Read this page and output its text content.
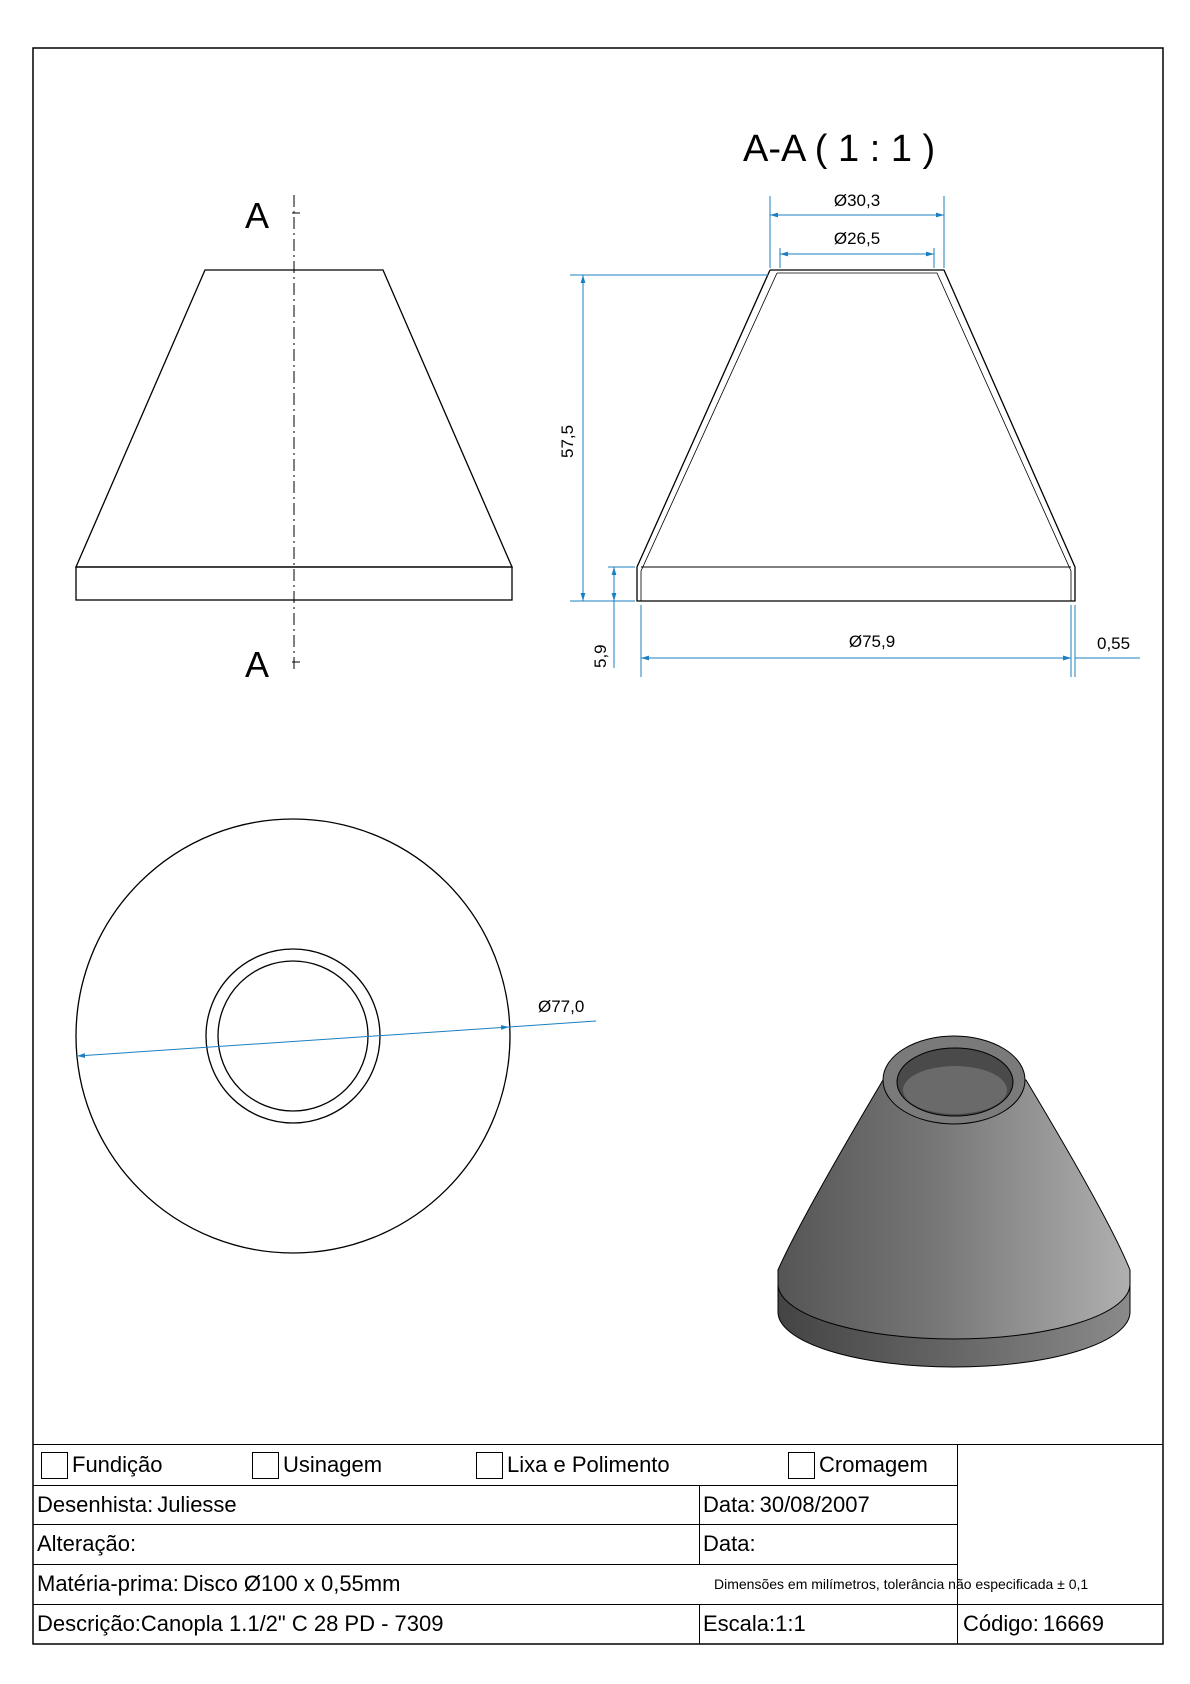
A
A
A-A ( 1 : 1 )
Ø30,3
Ø26,5
57,5
5,9
Ø75,9	0,55
Ø77,0
Fundição	Usinagem	Lixa e Polimento	Cromagem
Desenhista: Juliesse	Data: 30/08/2007
Alteração:	Data:
Matéria-prima: Disco Ø100 x 0,55mm	Dimensões em milímetros, tolerância não especificada ± 0,1
Descrição: Canopla 1.1/2" C 28 PD - 7309	Escala: 1:1	Código: 16669
